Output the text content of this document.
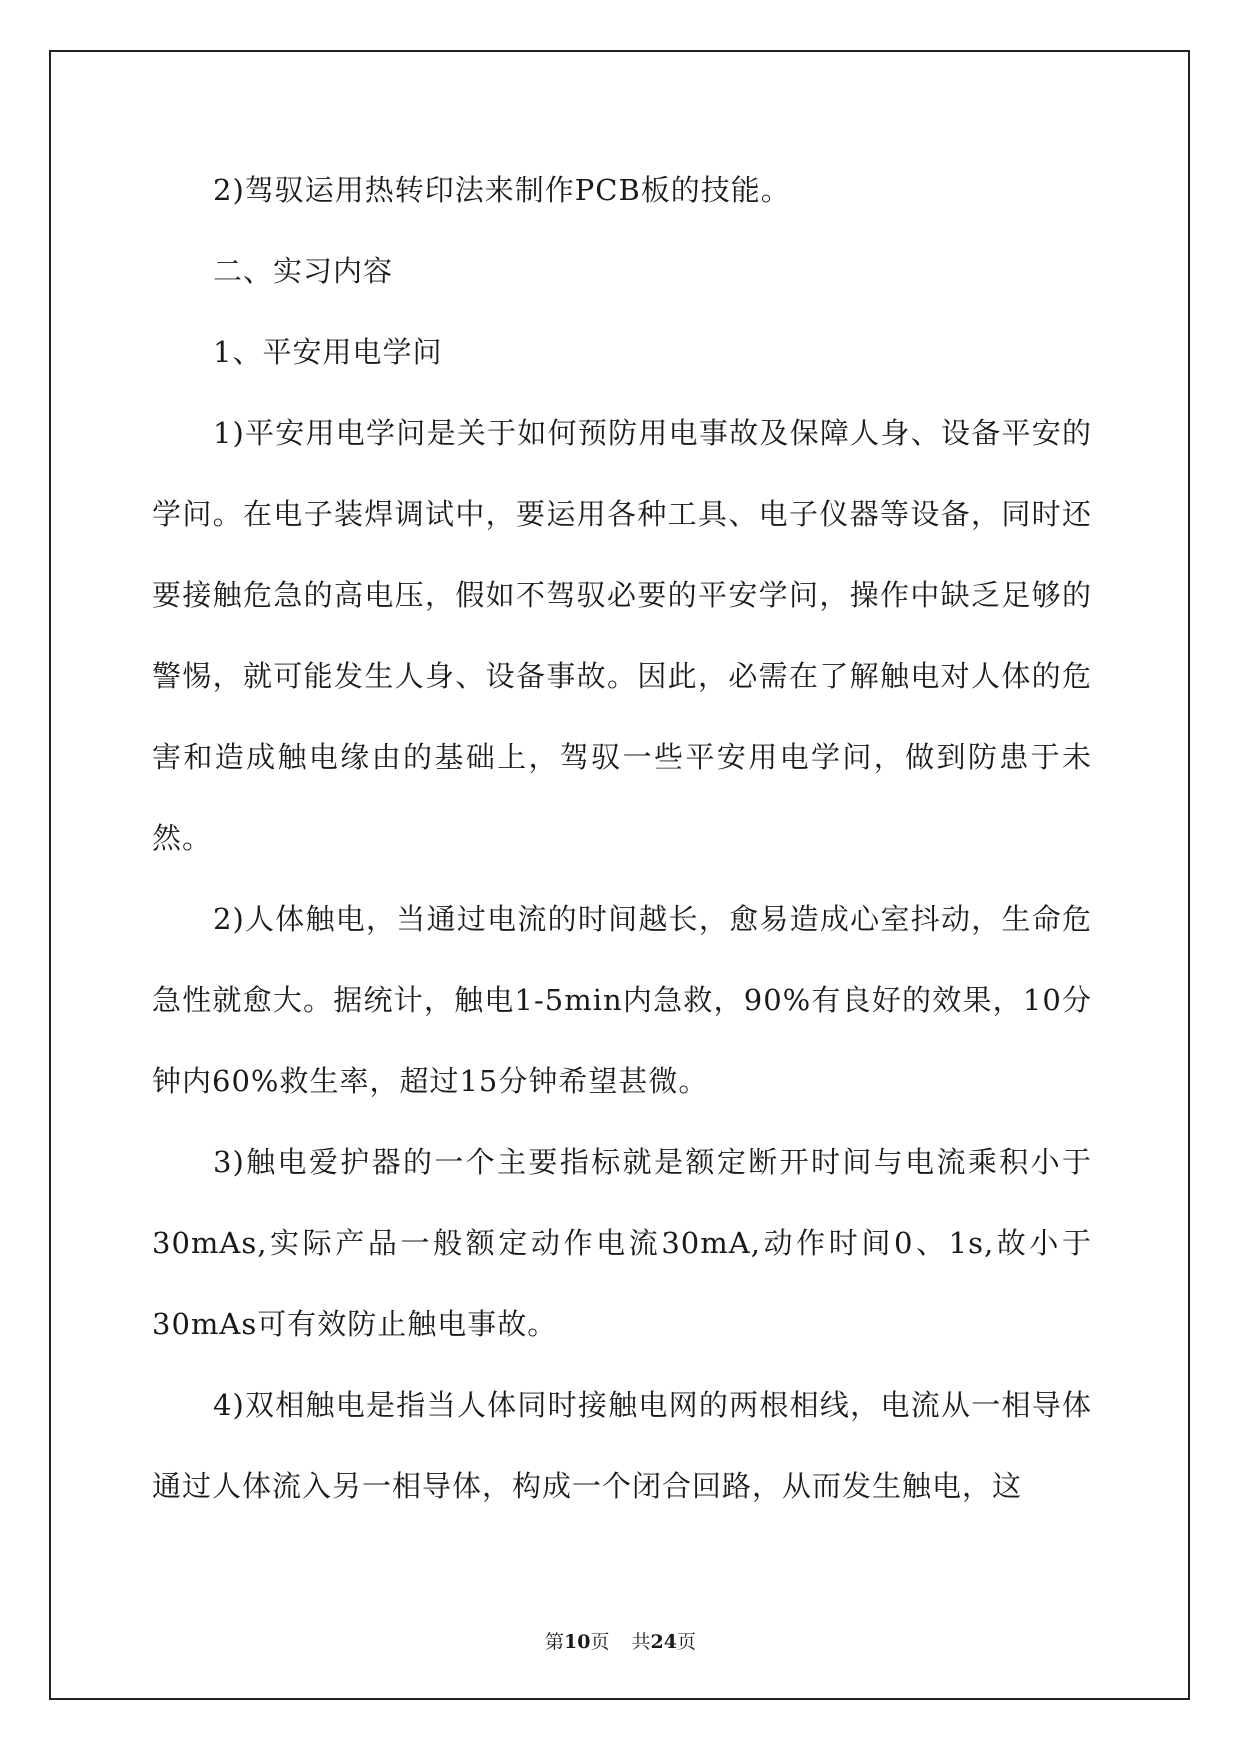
2)驾驭运用热转印法来制作PCB板的技能。

二、实习内容

1、平安用电学问

1)平安用电学问是关于如何预防用电事故及保障人身、设备平安的学问。在电子装焊调试中，要运用各种工具、电子仪器等设备，同时还要接触危急的高电压，假如不驾驭必要的平安学问，操作中缺乏足够的警惕，就可能发生人身、设备事故。因此，必需在了解触电对人体的危害和造成触电缘由的基础上，驾驭一些平安用电学问，做到防患于未然。

2)人体触电，当通过电流的时间越长，愈易造成心室抖动，生命危急性就愈大。据统计，触电1-5min内急救，90%有良好的效果，10分钟内60%救生率，超过15分钟希望甚微。

3)触电爱护器的一个主要指标就是额定断开时间与电流乘积小于30mAs,实际产品一般额定动作电流30mA,动作时间0、1s,故小于30mAs可有效防止触电事故。

4)双相触电是指当人体同时接触电网的两根相线，电流从一相导体通过人体流入另一相导体，构成一个闭合回路，从而发生触电，这

第10页 共24页
